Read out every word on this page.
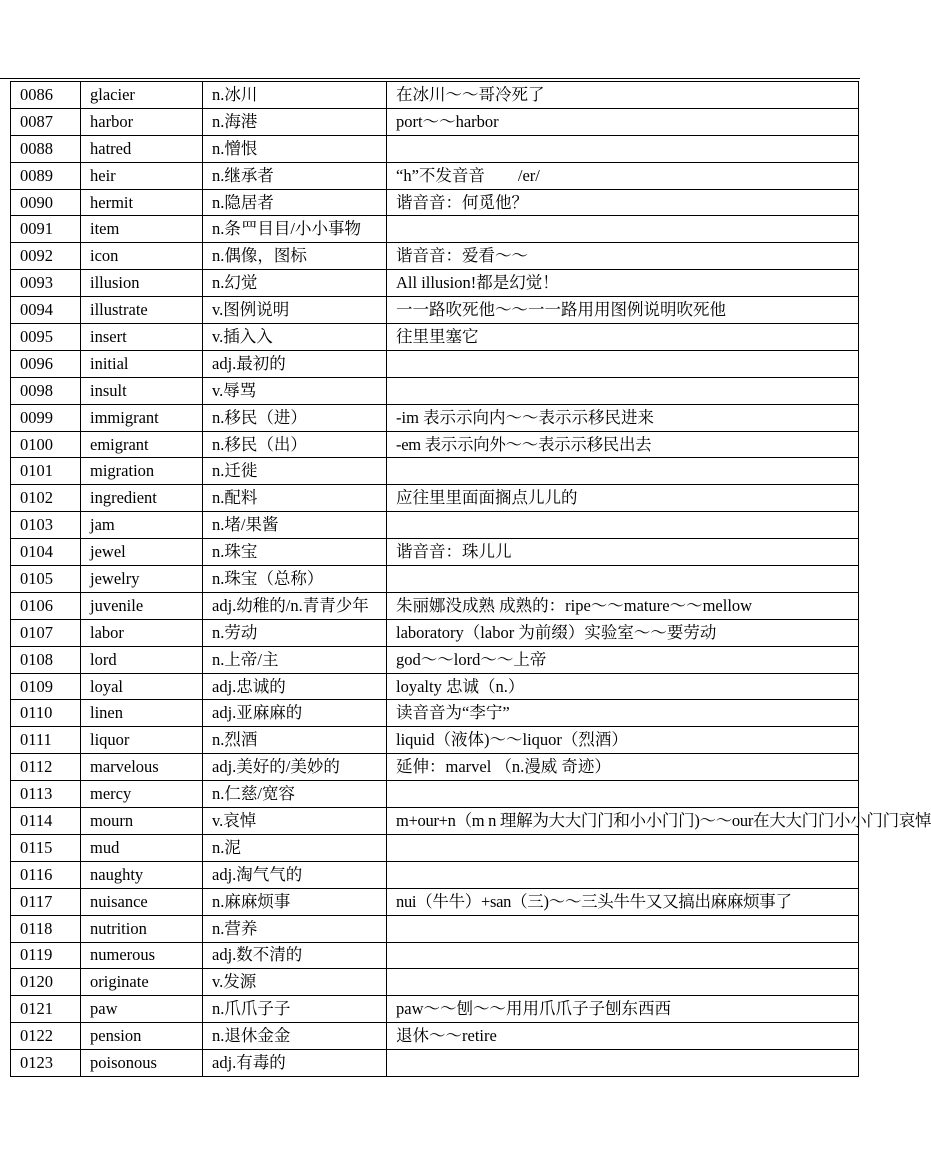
0086	glacier	n.冰川	在冰川～～哥冷死了
0087	harbor	n.海港	port～～harbor
0088	hatred	n.憎恨	
0089	heir	n.继承者	“h”不发音音　　/er/
0090	hermit	n.隐居者	谐音音：何觅他？
0091	item	n.条⺫目目/小小事物	
0092	icon	n.偶像，图标	谐音音：爱看～～
0093	illusion	n.幻觉	All illusion!都是幻觉！
0094	illustrate	v.图例说明	一一路吹死他～～一一路用用图例说明吹死他
0095	insert	v.插入入	往里里塞它
0096	initial	adj.最初的	
0098	insult	v.辱骂	
0099	immigrant	n.移民（进）	-im 表示示向内～～表示示移民进来
0100	emigrant	n.移民（出）	-em 表示示向外～～表示示移民出去
0101	migration	n.迁徙	
0102	ingredient	n.配料	应往里里面面搁点儿儿的
0103	jam	n.堵/果酱	
0104	jewel	n.珠宝	谐音音：珠儿儿
0105	jewelry	n.珠宝（总称）	
0106	juvenile	adj.幼稚的/n.青青少年	朱丽娜没成熟 成熟的：ripe～～mature～～mellow
0107	labor	n.劳动	laboratory（labor 为前缀）实验室～～要劳动
0108	lord	n.上帝/主	god～～lord～～上帝
0109	loyal	adj.忠诚的	loyalty 忠诚（n.）
0110	linen	adj.亚麻麻的	读音音为“李宁”
0111	liquor	n.烈酒	liquid（液体)～～liquor（烈酒）
0112	marvelous	adj.美好的/美妙的	延伸：marvel （n.漫威 奇迹）
0113	mercy	n.仁慈/宽容	
0114	mourn	v.哀悼	m+our+n（m n 理解为大大门门和小小门门)～～our在大大门门小小门门哀悼
0115	mud	n.泥	
0116	naughty	adj.淘气气的	
0117	nuisance	n.麻麻烦事	nui（牛牛）+san（三)～～三头牛牛又又搞出麻麻烦事了
0118	nutrition	n.营养	
0119	numerous	adj.数不清的	
0120	originate	v.发源	
0121	paw	n.爪爪子子	paw～～刨～～用用爪爪子子刨东西西
0122	pension	n.退休金金	退休～～retire
0123	poisonous	adj.有毒的	
